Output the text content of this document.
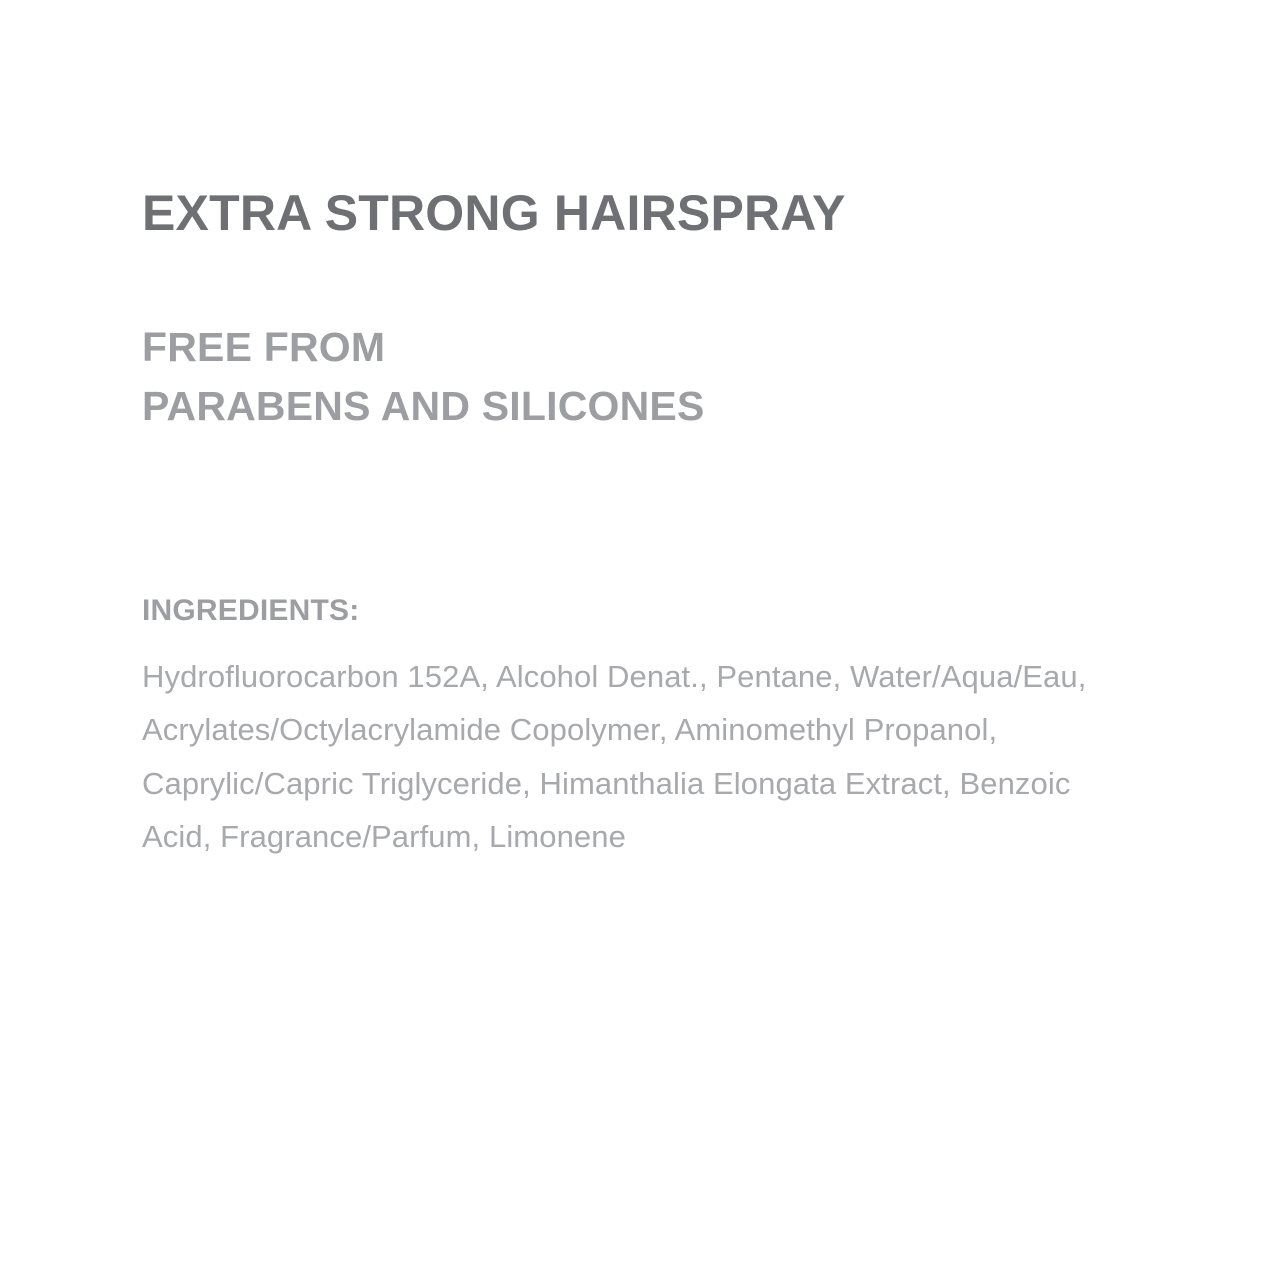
EXTRA STRONG HAIRSPRAY
FREE FROM
PARABENS AND SILICONES
INGREDIENTS:

Hydrofluorocarbon 152A, Alcohol Denat., Pentane, Water/Aqua/Eau, Acrylates/Octylacrylamide Copolymer, Aminomethyl Propanol, Caprylic/Capric Triglyceride, Himanthalia Elongata Extract, Benzoic Acid, Fragrance/Parfum, Limonene
